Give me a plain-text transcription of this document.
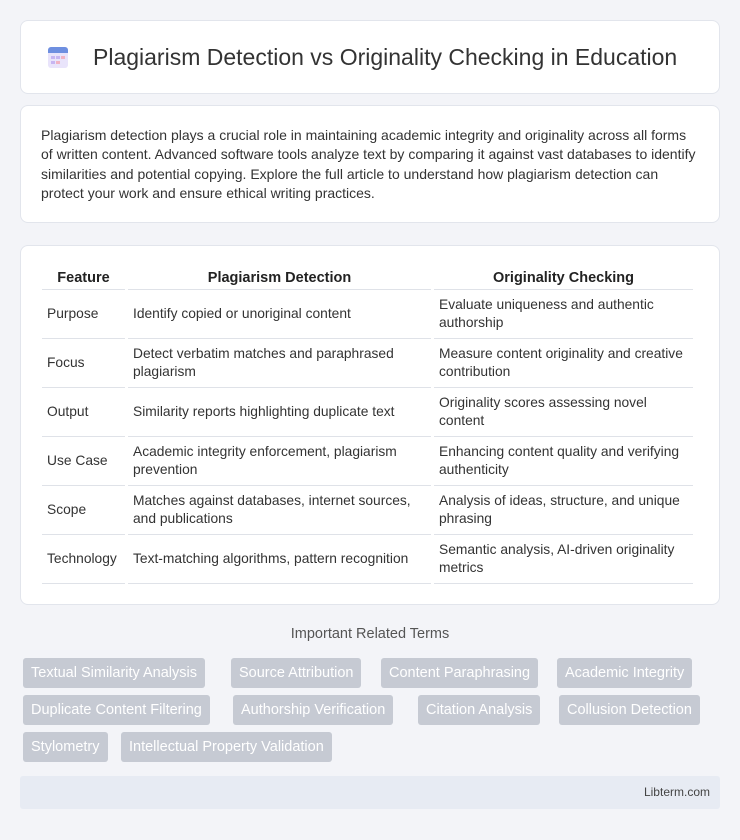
Plagiarism Detection vs Originality Checking in Education

Plagiarism detection plays a crucial role in maintaining academic integrity and originality across all forms of written content. Advanced software tools analyze text by comparing it against vast databases to identify similarities and potential copying. Explore the full article to understand how plagiarism detection can protect your work and ensure ethical writing practices.

Feature	Plagiarism Detection	Originality Checking
Purpose	Identify copied or unoriginal content	Evaluate uniqueness and authentic authorship
Focus	Detect verbatim matches and paraphrased plagiarism	Measure content originality and creative contribution
Output	Similarity reports highlighting duplicate text	Originality scores assessing novel content
Use Case	Academic integrity enforcement, plagiarism prevention	Enhancing content quality and verifying authenticity
Scope	Matches against databases, internet sources, and publications	Analysis of ideas, structure, and unique phrasing
Technology	Text-matching algorithms, pattern recognition	Semantic analysis, AI-driven originality metrics
Important Related Terms
Textual Similarity Analysis	Source Attribution	Content Paraphrasing	Academic Integrity
Duplicate Content Filtering	Authorship Verification	Citation Analysis	Collusion Detection
Stylometry	Intellectual Property Validation
Libterm.com
